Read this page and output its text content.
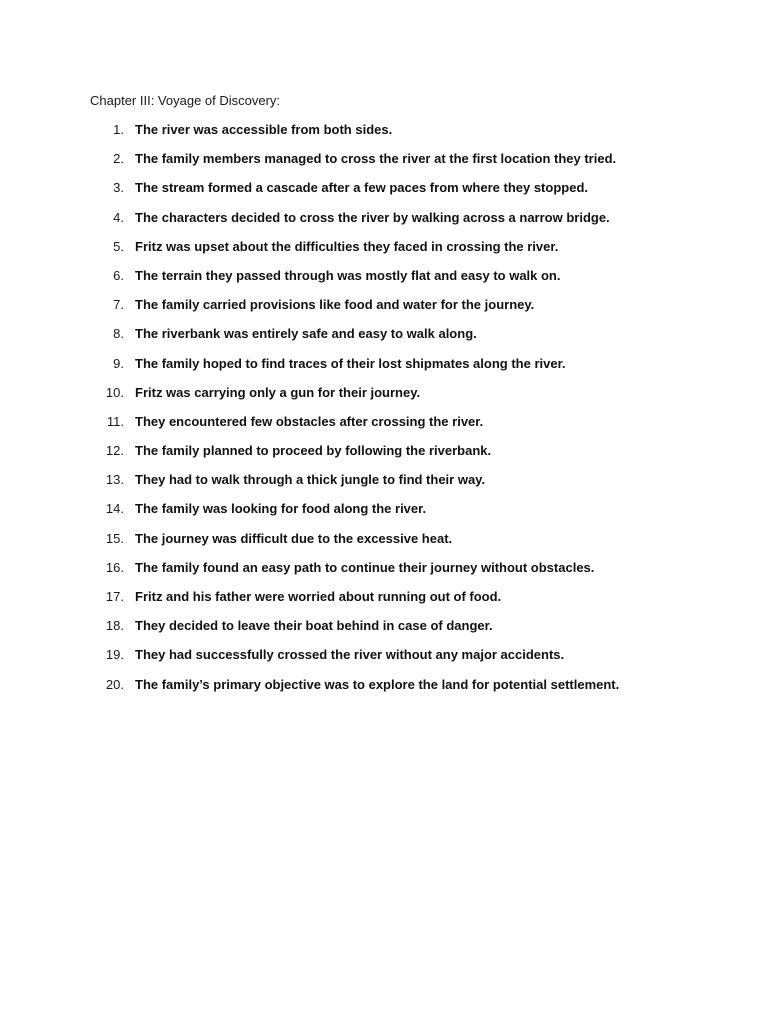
Chapter III: Voyage of Discovery:
1. The river was accessible from both sides.
2. The family members managed to cross the river at the first location they tried.
3. The stream formed a cascade after a few paces from where they stopped.
4. The characters decided to cross the river by walking across a narrow bridge.
5. Fritz was upset about the difficulties they faced in crossing the river.
6. The terrain they passed through was mostly flat and easy to walk on.
7. The family carried provisions like food and water for the journey.
8. The riverbank was entirely safe and easy to walk along.
9. The family hoped to find traces of their lost shipmates along the river.
10. Fritz was carrying only a gun for their journey.
11. They encountered few obstacles after crossing the river.
12. The family planned to proceed by following the riverbank.
13. They had to walk through a thick jungle to find their way.
14. The family was looking for food along the river.
15. The journey was difficult due to the excessive heat.
16. The family found an easy path to continue their journey without obstacles.
17. Fritz and his father were worried about running out of food.
18. They decided to leave their boat behind in case of danger.
19. They had successfully crossed the river without any major accidents.
20. The family’s primary objective was to explore the land for potential settlement.
